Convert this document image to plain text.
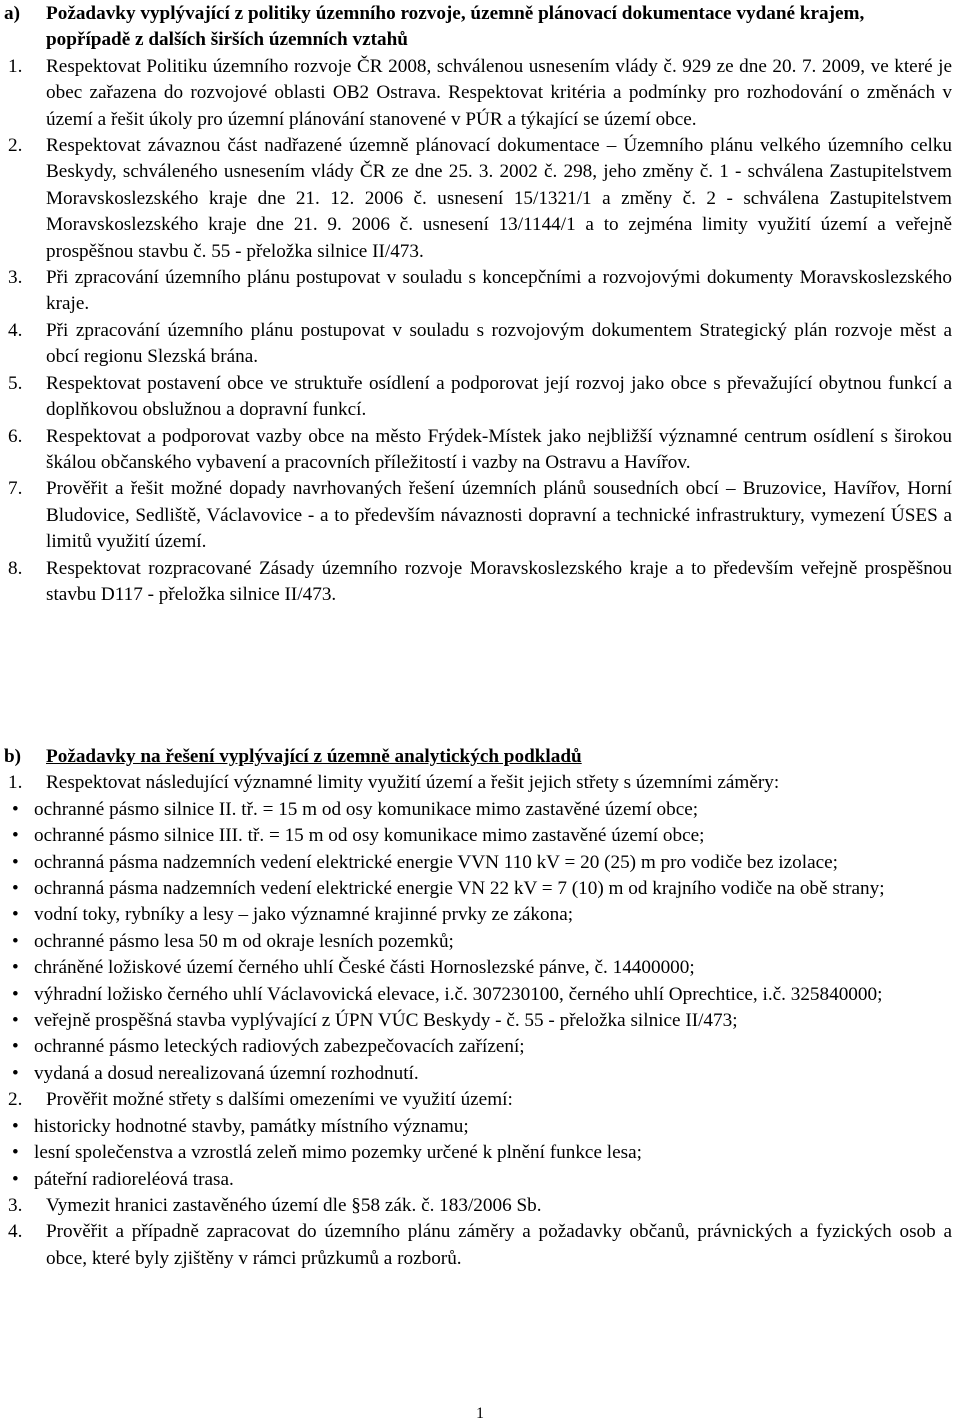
a)	Požadavky vyplývající z politiky územního rozvoje, územně plánovací dokumentace vydané krajem, popřípadě z dalších širších územních vztahů
1.	Respektovat Politiku územního rozvoje ČR 2008, schválenou usnesením vlády č. 929 ze dne 20. 7. 2009, ve které je obec zařazena do rozvojové oblasti OB2 Ostrava. Respektovat kritéria a podmínky pro rozhodování o změnách v území a řešit úkoly pro územní plánování stanovené v PÚR a týkající se území obce.
2.	Respektovat závaznou část nadřazené územně plánovací dokumentace – Územního plánu velkého územního celku Beskydy, schváleného usnesením vlády ČR ze dne 25. 3. 2002 č. 298, jeho změny č. 1 - schválena Zastupitelstvem Moravskoslezského kraje dne 21. 12. 2006 č. usnesení 15/1321/1 a změny č. 2 - schválena Zastupitelstvem Moravskoslezského kraje dne 21. 9. 2006 č. usnesení 13/1144/1 a to zejména limity využití území a veřejně prospěšnou stavbu č. 55 - přeložka silnice II/473.
3.	Při zpracování územního plánu postupovat v souladu s koncepčními a rozvojovými dokumenty Moravskoslezského kraje.
4.	Při zpracování územního plánu postupovat v souladu s rozvojovým dokumentem Strategický plán rozvoje měst a obcí regionu Slezská brána.
5.	Respektovat postavení obce ve struktuře osídlení a podporovat její rozvoj jako obce s převažující obytnou funkcí a doplňkovou obslužnou a dopravní funkcí.
6.	Respektovat a podporovat vazby obce na město Frýdek-Místek jako nejbližší významné centrum osídlení s širokou škálou občanského vybavení a pracovních příležitostí i vazby na Ostravu a Havířov.
7.	Prověřit a řešit možné dopady navrhovaných řešení územních plánů sousedních obcí – Bruzovice, Havířov, Horní Bludovice, Sedliště, Václavovice - a to především návaznosti dopravní a technické infrastruktury, vymezení ÚSES a limitů využití území.
8.	Respektovat rozpracované Zásady územního rozvoje Moravskoslezského kraje a to především veřejně prospěšnou stavbu D117 - přeložka silnice II/473.
b)	Požadavky na řešení vyplývající z územně analytických podkladů
1.	Respektovat následující významné limity využití území a řešit jejich střety s územními záměry:
• ochranné pásmo silnice II. tř. = 15 m od osy komunikace mimo zastavěné území obce;
• ochranné pásmo silnice III. tř. = 15 m od osy komunikace mimo zastavěné území obce;
• ochranná pásma nadzemních vedení elektrické energie VVN 110 kV = 20 (25) m pro vodiče bez izolace;
• ochranná pásma nadzemních vedení elektrické energie VN 22 kV = 7 (10) m od krajního vodiče na obě strany;
• vodní toky, rybníky a lesy – jako významné krajinné prvky ze zákona;
• ochranné pásmo lesa 50 m od okraje lesních pozemků;
• chráněné ložiskové území černého uhlí České části Hornoslezské pánve, č. 14400000;
• výhradní ložisko černého uhlí Václavovická elevace, i.č. 307230100, černého uhlí Oprechtice, i.č. 325840000;
• veřejně prospěšná stavba vyplývající z ÚPN VÚC Beskydy - č. 55 - přeložka silnice II/473;
• ochranné pásmo leteckých radiových zabezpečovacích zařízení;
• vydaná a dosud nerealizovaná územní rozhodnutí.
2.	Prověřit možné střety s dalšími omezeními ve využití území:
• historicky hodnotné stavby, památky místního významu;
• lesní společenstva a vzrostlá zeleň mimo pozemky určené k plnění funkce lesa;
• páteřní radioreléová trasa.
3.	Vymezit hranici zastavěného území dle §58 zák. č. 183/2006 Sb.
4.	Prověřit a případně zapracovat do územního plánu záměry a požadavky občanů, právnických a fyzických osob a obce, které byly zjištěny v rámci průzkumů a rozborů.
1
